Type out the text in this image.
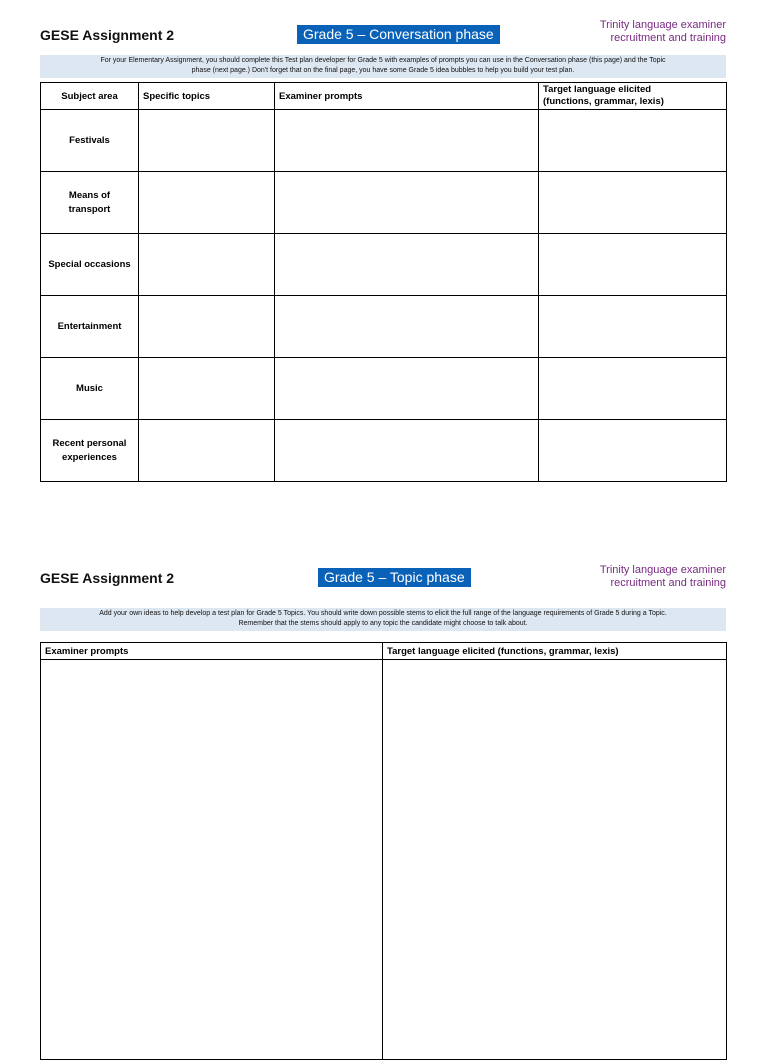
GESE Assignment 2	Grade 5 – Conversation phase
Trinity language examiner
recruitment and training
For your Elementary Assignment, you should complete this Test plan developer for Grade 5 with examples of prompts you can use in the Conversation phase (this page) and the Topic
phase (next page.) Don't forget that on the final page, you have some Grade 5 idea bubbles to help you build your test plan.
Subject area	Specific topics	Examiner prompts	Target language elicited
(functions, grammar, lexis)

Festivals			

Means of
transport			

Special occasions			

Entertainment			

Music			

Recent personal
experiences			

GESE Assignment 2	Grade 5 – Topic phase	Trinity language examiner
recruitment and training
Add your own ideas to help develop a test plan for Grade 5 Topics. You should write down possible stems to elicit the full range of the language requirements of Grade 5 during a Topic.
Remember that the stems should apply to any topic the candidate might choose to talk about.
Examiner prompts	Target language elicited (functions, grammar, lexis)
